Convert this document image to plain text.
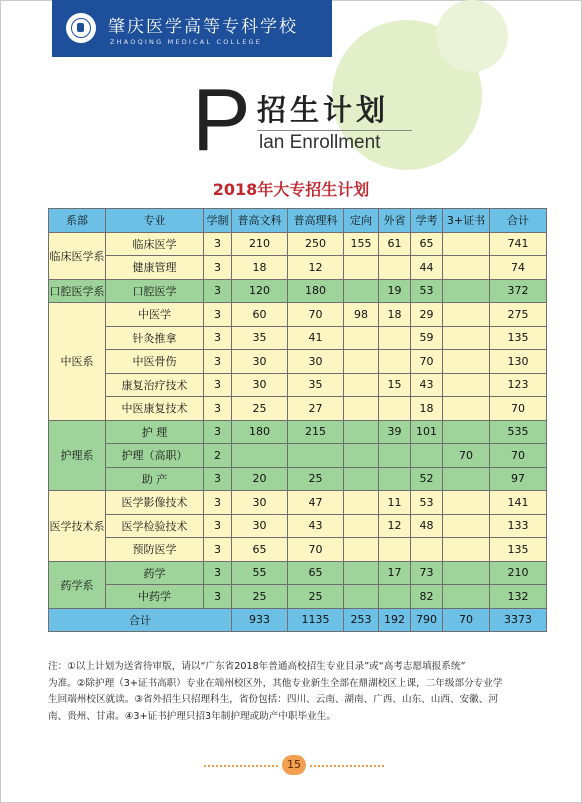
肇庆医学高等专科学校
ZHAOQING MEDICAL COLLEGE
P 招生计划
lan Enrollment
2018年大专招生计划
系部	专业	学制	普高文科	普高理科	定向	外省	学考	3+证书	合计
临床医学系	临床医学	3	210	250	155	61	65		741
	健康管理	3	18	12			44		74
口腔医学系	口腔医学	3	120	180		19	53		372
中医系	中医学	3	60	70	98	18	29		275
	针灸推拿	3	35	41			59		135
	中医骨伤	3	30	30			70		130
	康复治疗技术	3	30	35		15	43		123
	中医康复技术	3	25	27			18		70
护理系	护 理	3	180	215		39	101		535
	护理（高职）	2						70	70
	助 产	3	20	25			52		97
医学技术系	医学影像技术	3	30	47		11	53		141
	医学检验技术	3	30	43		12	48		133
	预防医学	3	65	70					135
药学系	药学	3	55	65		17	73		210
	中药学	3	25	25			82		132
合计			933	1135	253	192	790	70	3373
注：①以上计划为送省待审版，请以“广东省2018年普通高校招生专业目录”或“高考志愿填报系统”
为准。②除护理（3+证书高职）专业在端州校区外，其他专业新生全部在鼎湖校区上课，二年级部分专业学
生回端州校区就读。③省外招生只招理科生，省份包括：四川、云南、湖南、广西、山东、山西、安徽、河
南、贵州、甘肃。④3+证书护理只招3年制护理或助产中职毕业生。
15
